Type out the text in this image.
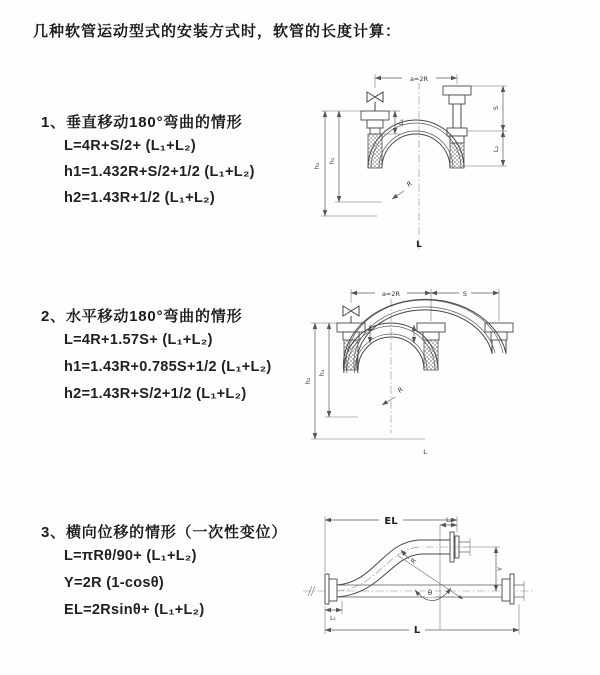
几种软管运动型式的安装方式时，软管的长度计算：
1、垂直移动180°弯曲的情形
L=4R+S/2+ (L₁+L₂)
h1=1.432R+S/2+1/2 (L₁+L₂)
h2=1.43R+1/2 (L₁+L₂)
2、水平移动180°弯曲的情形
L=4R+1.57S+ (L₁+L₂)
h1=1.43R+0.785S+1/2 (L₁+L₂)
h2=1.43R+S/2+1/2 (L₁+L₂)
3、横向位移的情形（一次性变位）
L=πRθ/90+ (L₁+L₂)
Y=2R (1-cosθ)
EL=2Rsinθ+ (L₁+L₂)
a=2R
h₂
h₁
L₁
S
L₂
R
L
a=2R	S
h₂
h₁
R
L
EL	L₂
Y
θ
R
L₁
L
